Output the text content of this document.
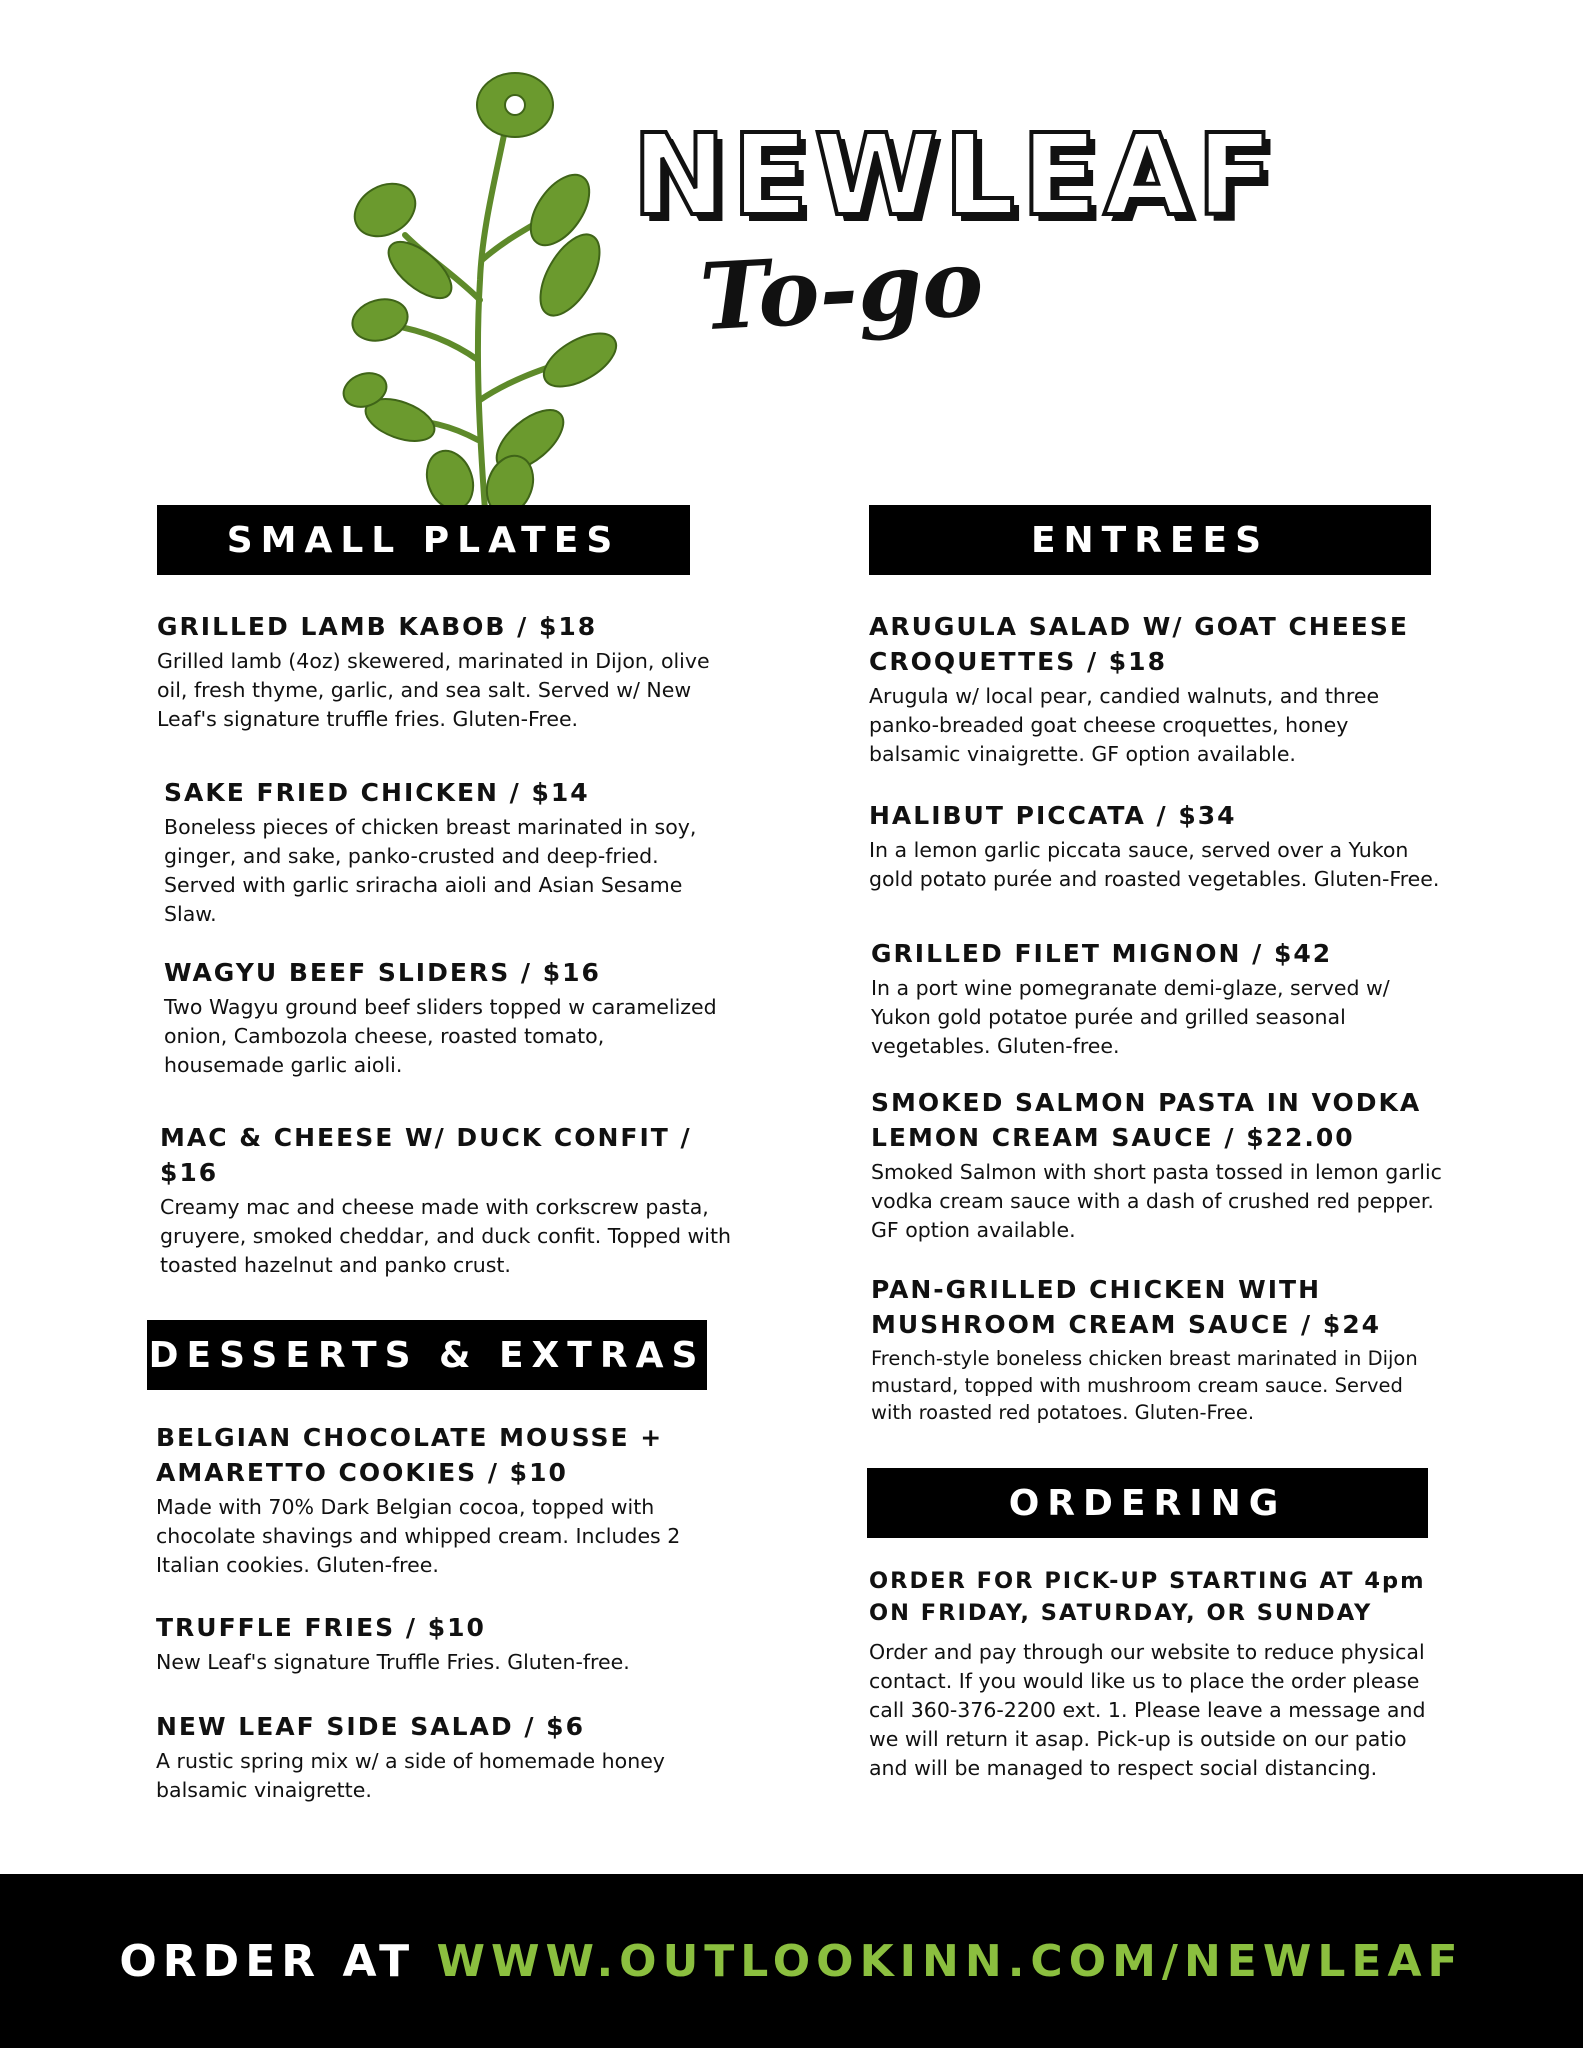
NEWLEAF
To-go
SMALL PLATES

GRILLED LAMB KABOB / $18

Grilled lamb (4oz) skewered, marinated in Dijon, olive oil, fresh thyme, garlic, and sea salt. Served w/ New Leaf's signature truffle fries. Gluten-Free.

SAKE FRIED CHICKEN / $14

Boneless pieces of chicken breast marinated in soy, ginger, and sake, panko-crusted and deep-fried. Served with garlic sriracha aioli and Asian Sesame Slaw.

WAGYU BEEF SLIDERS / $16

Two Wagyu ground beef sliders topped w caramelized onion, Cambozola cheese, roasted tomato, housemade garlic aioli.

MAC & CHEESE W/ DUCK CONFIT / $16

Creamy mac and cheese made with corkscrew pasta, gruyere, smoked cheddar, and duck confit. Topped with toasted hazelnut and panko crust.

DESSERTS & EXTRAS

BELGIAN CHOCOLATE MOUSSE + AMARETTO COOKIES / $10

Made with 70% Dark Belgian cocoa, topped with chocolate shavings and whipped cream. Includes 2 Italian cookies. Gluten-free.

TRUFFLE FRIES / $10

New Leaf's signature Truffle Fries. Gluten-free.

NEW LEAF SIDE SALAD / $6

A rustic spring mix w/ a side of homemade honey balsamic vinaigrette.

ENTREES

ARUGULA SALAD W/ GOAT CHEESE CROQUETTES / $18

Arugula w/ local pear, candied walnuts, and three panko-breaded goat cheese croquettes, honey balsamic vinaigrette. GF option available.

HALIBUT PICCATA / $34

In a lemon garlic piccata sauce, served over a Yukon gold potato purée and roasted vegetables. Gluten-Free.

GRILLED FILET MIGNON / $42

In a port wine pomegranate demi-glaze, served w/ Yukon gold potatoe purée and grilled seasonal vegetables. Gluten-free.

SMOKED SALMON PASTA IN VODKA LEMON CREAM SAUCE / $22.00

Smoked Salmon with short pasta tossed in lemon garlic vodka cream sauce with a dash of crushed red pepper. GF option available.

PAN-GRILLED CHICKEN WITH MUSHROOM CREAM SAUCE / $24

French-style boneless chicken breast marinated in Dijon mustard, topped with mushroom cream sauce. Served with roasted red potatoes. Gluten-Free.

ORDERING

ORDER FOR PICK-UP STARTING AT 4pm ON FRIDAY, SATURDAY, OR SUNDAY

Order and pay through our website to reduce physical contact. If you would like us to place the order please call 360-376-2200 ext. 1. Please leave a message and we will return it asap. Pick-up is outside on our patio and will be managed to respect social distancing.

ORDER AT WWW.OUTLOOKINN.COM/NEWLEAF
